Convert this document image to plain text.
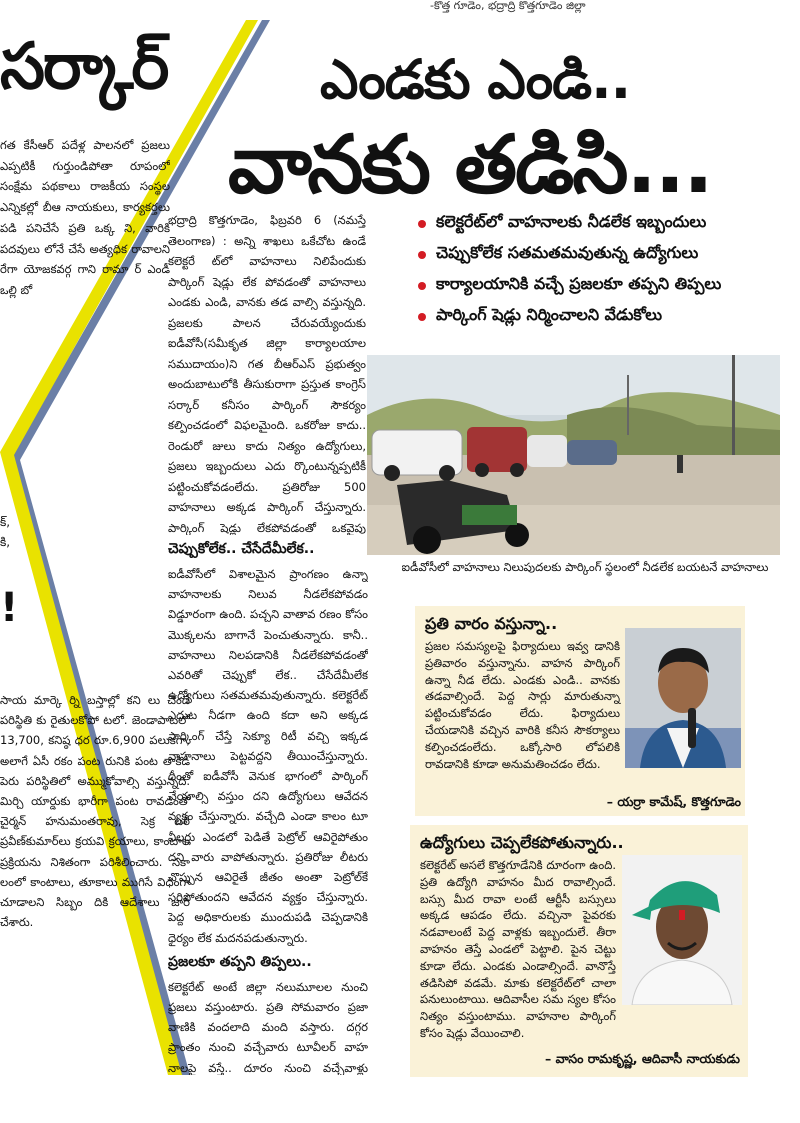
-కొత్త గూడెం, భద్రాద్రి కొత్తగూడెం జిల్లా
సర్కార్

గత కేసీఆర్ పదేళ్ల పాలనలో ప్రజలు ఎప్పటికీ గుర్తుండిపోతా రూపంలో సంక్షేమ పథకాలు రాజకీయ సంస్థల ఎన్నికల్లో బీఆ నాయకులు, కార్యకర్తలు పడి పనిచేసే ప్రతి ఒక్క ని, వారికి పదవులు లోనే చేసే అత్యధిక రావాలని రేగా యోజకవర్గ గాని రామా ర్ ఎండీ ఒల్లి బో

క్,
కి,
!

సాయ మార్కె ర్ని బస్తాల్లో కని లు చెందే పరిస్థితి కు రైతులకోపో టలో. జెండాపాటలో 13,700, కనిష్ఠ ధర రూ.6,900 పలుకగా, అలాగే ఏసీ రకం పంట రునికి పంట తాకిడి పెరు పరిస్థితిలో అమ్ముకోవాల్సి వస్తున్నది. మిర్చి యార్డుకు భారీగా పంట రావడంతో చైర్మన్ హనుమంతరావు, సెక్ర టరీ ప్రవీణ్‌కుమార్‌లు క్రయవి క్రయాలు, కాంటాల ప్రక్రియను నిశితంగా పరిశీలించారు. సకా లంలో కాంటాలు, తూకాలు ముగిసే విధంగా చూడాలని సిబ్బం దికి ఆదేశాలు జారీ చేశారు.

ఎండకు ఎండి..
వానకు తడిసి...
కలెక్టరేట్‌లో వాహనాలకు నీడలేక ఇబ్బందులు
చెప్పుకోలేక సతమతమవుతున్న ఉద్యోగులు
కార్యాలయానికి వచ్చే ప్రజలకూ తప్పని తిప్పలు
పార్కింగ్ షెడ్లు నిర్మించాలని వేడుకోలు

భద్రాద్రి కొత్తగూడెం, ఫిబ్రవరి 6 (నమస్తే తెలంగాణ) : అన్ని శాఖలు ఒకేచోట ఉండే కలెక్టరే ట్‌లో వాహనాలు నిలిపేందుకు పార్కింగ్ షెడ్లు లేక పోవడంతో వాహనాలు ఎండకు ఎండి, వానకు తడ వాల్సి వస్తున్నది. ప్రజలకు పాలన చేరువయ్యేందుకు ఐడీవోసీ(సమీకృత జిల్లా కార్యాలయాల సముదాయం)ని గత బీఆర్‌ఎస్ ప్రభుత్వం అందుబాటులోకి తీసుకురాగా ప్రస్తుత కాంగ్రెస్ సర్కార్ కనీసం పార్కింగ్ సౌకర్యం కల్పించడంలో విఫలమైంది. ఒకరోజు కాదు.. రెండురో జులు కాదు నిత్యం ఉద్యోగులు, ప్రజలు ఇబ్బందులు ఎదు ర్కొంటున్నప్పటికీ పట్టించుకోవడంలేదు. ప్రతిరోజు 500 వాహనాలు అక్కడ పార్కింగ్ చేస్తున్నారు. పార్కింగ్ షెడ్లు లేకపోవడంతో ఒకవైపు

చెప్పుకోలేక.. చేసేదేమీలేక..

ఐడీవోసీలో విశాలమైన ప్రాంగణం ఉన్నా వాహనాలకు నిలువ నీడలేకపోవడం విడ్డూరంగా ఉంది. పచ్చని వాతావ రణం కోసం మొక్కలను బాగానే పెంచుతున్నారు. కానీ.. వాహనాలు నిలపడానికి నీడలేకపోవడంతో ఎవరితో చెప్పుకో లేక.. చేసేదేమీలేక ఉద్యోగులు సతమతమవుతున్నారు. కలెక్టరేట్ ఎదుట నీడగా ఉంది కదా అని అక్కడ పార్కింగ్ చేస్తే సెక్యూ రిటీ వచ్చి ఇక్కడ వాహనాలు పెట్టవద్దని తీయించేస్తున్నారు. దీంతో ఐడీవోసీ వెనుక భాగంలో పార్కింగ్ చేయాల్సి వస్తుం దని ఉద్యోగులు ఆవేదన వ్యక్తం చేస్తున్నారు. వచ్చేది ఎండా కాలం టూ వీలర్లు ఎండలో పెడితే పెట్రోల్ ఆవిరైపోతుం దని వారు వాపోతున్నారు. ప్రతిరోజు లీటరు చొప్పున ఆవిరైతే జీతం అంతా పెట్రోల్‌కే సరిపోతుందని ఆవేదన వ్యక్తం చేస్తున్నారు. పెద్ద అధికారులకు ముందుపడి చెప్పడానికి ధైర్యం లేక మదనపడుతున్నారు.

ప్రజలకూ తప్పని తిప్పలు..

కలెక్టరేట్ అంటే జిల్లా నలుమూలల నుంచి ప్రజలు వస్తుంటారు. ప్రతి సోమవారం ప్రజా వాణికి వందలాది మంది వస్తారు. దగ్గర ప్రాంతం నుంచి వచ్చేవారు టూవీలర్ వాహ నాలపై వస్తే.. దూరం నుంచి వచ్చేవాళ్లు

ఐడీవోసీలో వాహనాలు నిలుపుదలకు పార్కింగ్ స్థలంలో నీడలేక బయటనే వాహనాలు
ప్రతి వారం వస్తున్నా..
ప్రజల సమస్యలపై ఫిర్యాదులు ఇవ్వ డానికి ప్రతివారం వస్తున్నాను. వాహన పార్కింగ్ ఉన్నా నీడ లేదు. ఎండకు ఎండి.. వానకు తడవాల్సిందే. పెద్ద సార్లు మారుతున్నా పట్టించుకోవడం లేదు. ఫిర్యాదులు చేయడానికి వచ్చిన వారికి కనీస సౌకర్యాలు కల్పించడంలేదు. ఒక్కోసారి లోపలికి రావడానికి కూడా అనుమతించడం లేదు.
– యర్రా కామేష్, కొత్తగూడెం
ఉద్యోగులు చెప్పలేకపోతున్నారు..
కలెక్టరేట్ అసలే కొత్తగూడేనికి దూరంగా ఉంది. ప్రతి ఉద్యోగి వాహనం మీద రావాల్సిందే. బస్సు మీద రావా లంటే ఆర్టీసీ బస్సులు అక్కడ ఆపడం లేదు. వచ్చినా పైవరకు నడవాలంటే పెద్ద వాళ్లకు ఇబ్బందులే. తీరా వాహనం తెస్తే ఎండలో పెట్టాలి. పైన చెట్టు కూడా లేదు. ఎండకు ఎండాల్సిందే. వానొస్తే తడిసిపో వడమే. మాకు కలెక్టరేట్‌లో చాలా పనులుంటాయి. ఆదివాసీల సమ స్యల కోసం నిత్యం వస్తుంటాము. వాహనాల పార్కింగ్ కోసం షెడ్లు వేయించాలి.
– వాసం రామకృష్ణ, ఆదివాసీ నాయకుడు
